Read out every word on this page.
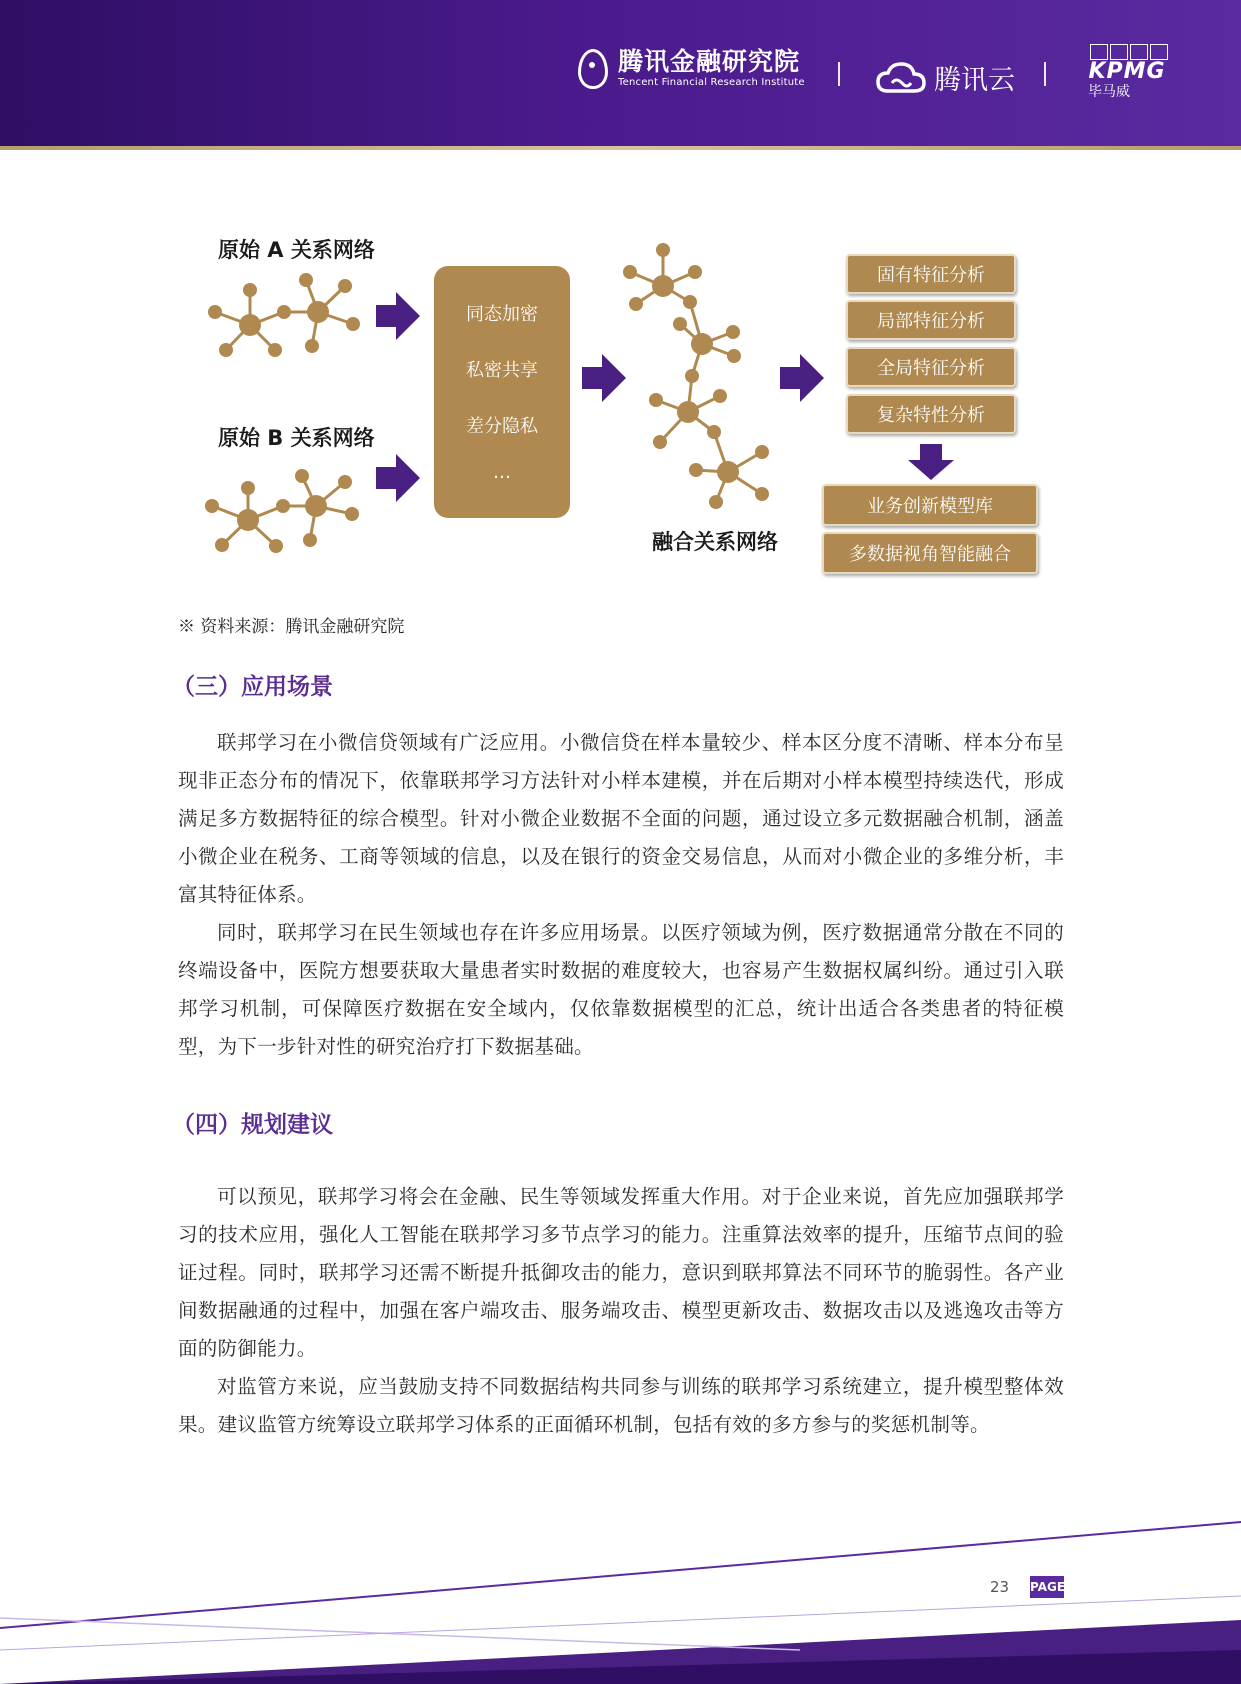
腾讯金融研究院
Tencent Financial Research Institute	腾讯云	KPMG
毕马威
原始 A 关系网络
原始 B 关系网络
融合关系网络
同态加密
私密共享
差分隐私
…
固有特征分析
局部特征分析
全局特征分析
复杂特性分析
业务创新模型库
多数据视角智能融合
※ 资料来源：腾讯金融研究院
（三）应用场景

联邦学习在小微信贷领域有广泛应用。小微信贷在样本量较少、样本区分度不清晰、样本分布呈现非正态分布的情况下，依靠联邦学习方法针对小样本建模，并在后期对小样本模型持续迭代，形成满足多方数据特征的综合模型。针对小微企业数据不全面的问题，通过设立多元数据融合机制，涵盖小微企业在税务、工商等领域的信息，以及在银行的资金交易信息，从而对小微企业的多维分析，丰富其特征体系。

同时，联邦学习在民生领域也存在许多应用场景。以医疗领域为例，医疗数据通常分散在不同的终端设备中，医院方想要获取大量患者实时数据的难度较大，也容易产生数据权属纠纷。通过引入联邦学习机制，可保障医疗数据在安全域内，仅依靠数据模型的汇总，统计出适合各类患者的特征模型，为下一步针对性的研究治疗打下数据基础。

（四）规划建议

可以预见，联邦学习将会在金融、民生等领域发挥重大作用。对于企业来说，首先应加强联邦学习的技术应用，强化人工智能在联邦学习多节点学习的能力。注重算法效率的提升，压缩节点间的验证过程。同时，联邦学习还需不断提升抵御攻击的能力，意识到联邦算法不同环节的脆弱性。各产业间数据融通的过程中，加强在客户端攻击、服务端攻击、模型更新攻击、数据攻击以及逃逸攻击等方面的防御能力。

对监管方来说，应当鼓励支持不同数据结构共同参与训练的联邦学习系统建立，提升模型整体效果。建议监管方统筹设立联邦学习体系的正面循环机制，包括有效的多方参与的奖惩机制等。

23 PAGE
